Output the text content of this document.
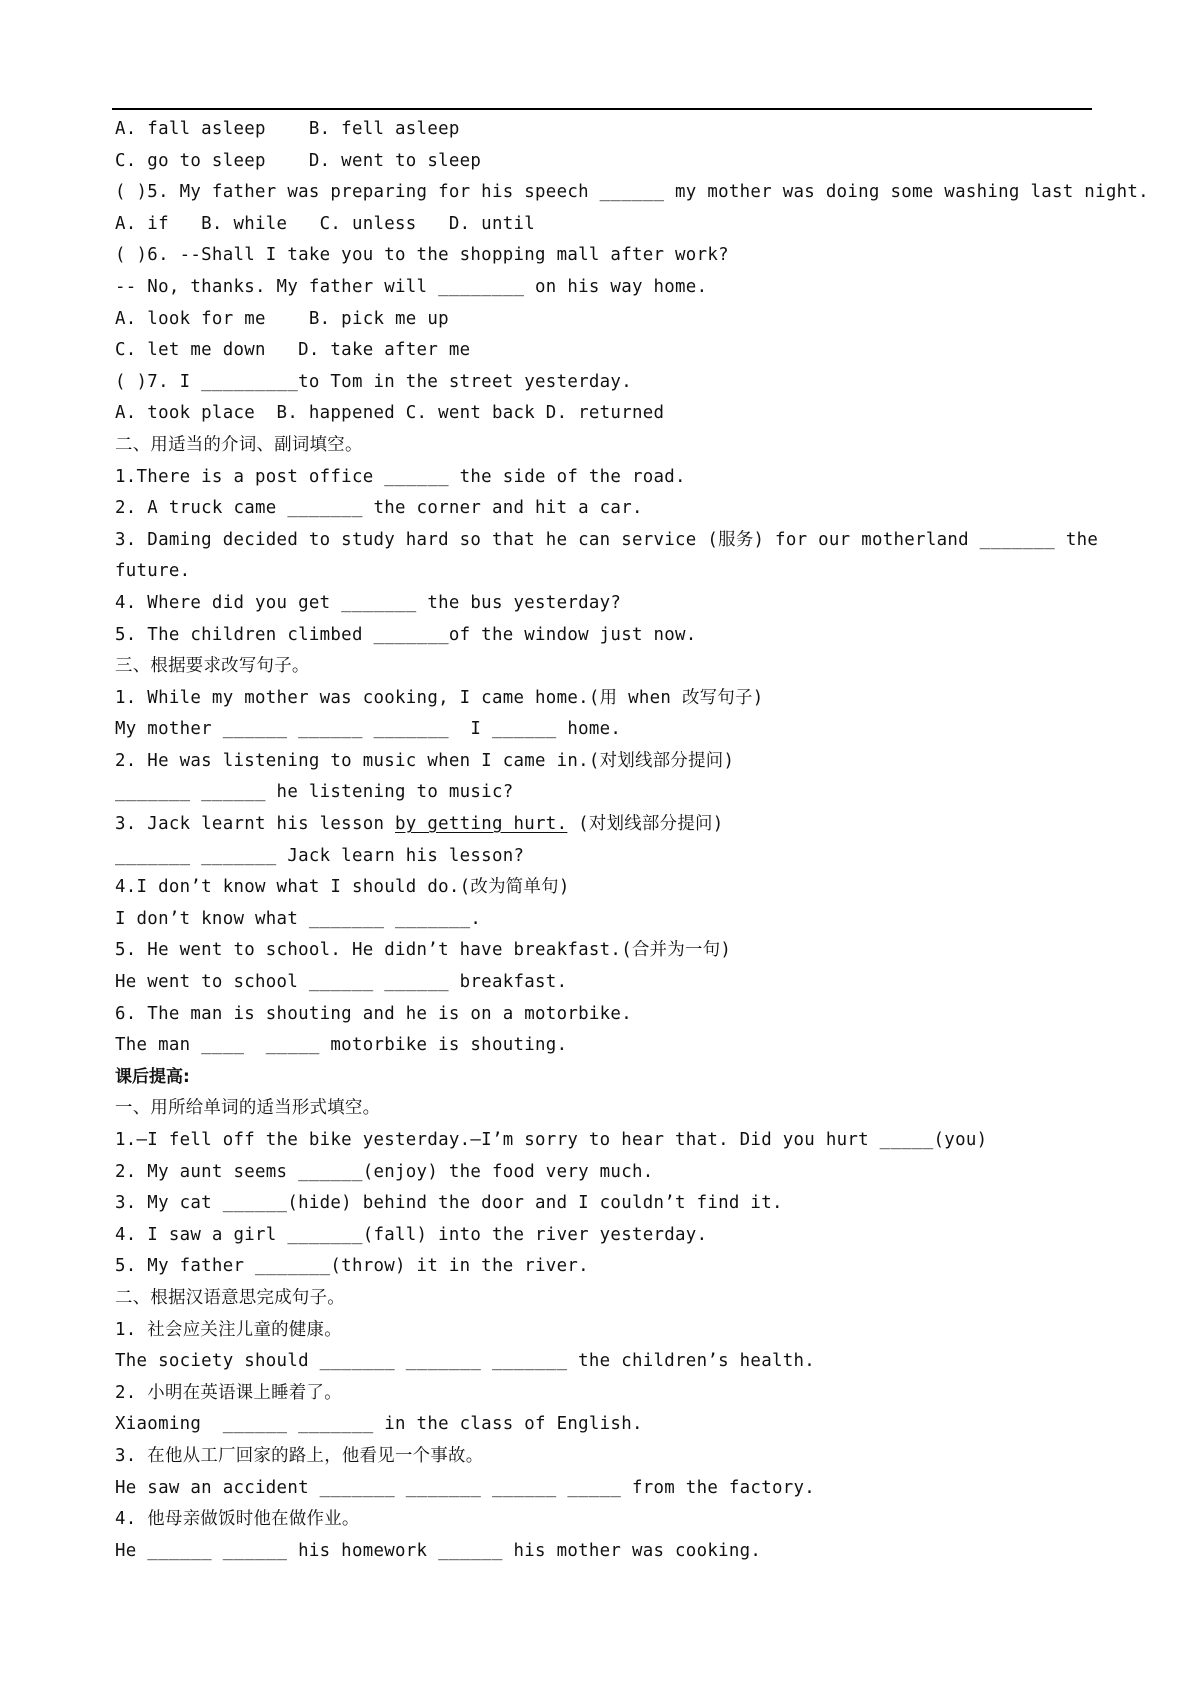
A. fall asleep    B. fell asleep
C. go to sleep    D. went to sleep
( )5. My father was preparing for his speech ______ my mother was doing some washing last night.
A. if   B. while   C. unless   D. until
( )6. --Shall I take you to the shopping mall after work?
-- No, thanks. My father will ________ on his way home.
A. look for me    B. pick me up
C. let me down   D. take after me
( )7. I _________to Tom in the street yesterday.
A. took place  B. happened C. went back D. returned
二、用适当的介词、副词填空。
1.There is a post office ______ the side of the road.
2. A truck came _______ the corner and hit a car.
3. Daming decided to study hard so that he can service (服务) for our motherland _______ the
future.
4. Where did you get _______ the bus yesterday?
5. The children climbed _______of the window just now.
三、根据要求改写句子。
1. While my mother was cooking, I came home.(用 when 改写句子)
My mother ______ ______ _______  I ______ home.
2. He was listening to music when I came in.(对划线部分提问)
_______ ______ he listening to music?
3. Jack learnt his lesson by getting hurt. (对划线部分提问)
_______ _______ Jack learn his lesson?
4.I don’t know what I should do.(改为简单句)
I don’t know what _______ _______.
5. He went to school. He didn’t have breakfast.(合并为一句)
He went to school ______ ______ breakfast.
6. The man is shouting and he is on a motorbike.
The man ____  _____ motorbike is shouting.
课后提高:
一、用所给单词的适当形式填空。
1.—I fell off the bike yesterday.—I’m sorry to hear that. Did you hurt _____(you)
2. My aunt seems ______(enjoy) the food very much.
3. My cat ______(hide) behind the door and I couldn’t find it.
4. I saw a girl _______(fall) into the river yesterday.
5. My father _______(throw) it in the river.
二、根据汉语意思完成句子。
1. 社会应关注儿童的健康。
The society should _______ _______ _______ the children’s health.
2. 小明在英语课上睡着了。
Xiaoming  ______ _______ in the class of English.
3. 在他从工厂回家的路上，他看见一个事故。
He saw an accident _______ _______ ______ _____ from the factory.
4. 他母亲做饭时他在做作业。
He ______ ______ his homework ______ his mother was cooking.
